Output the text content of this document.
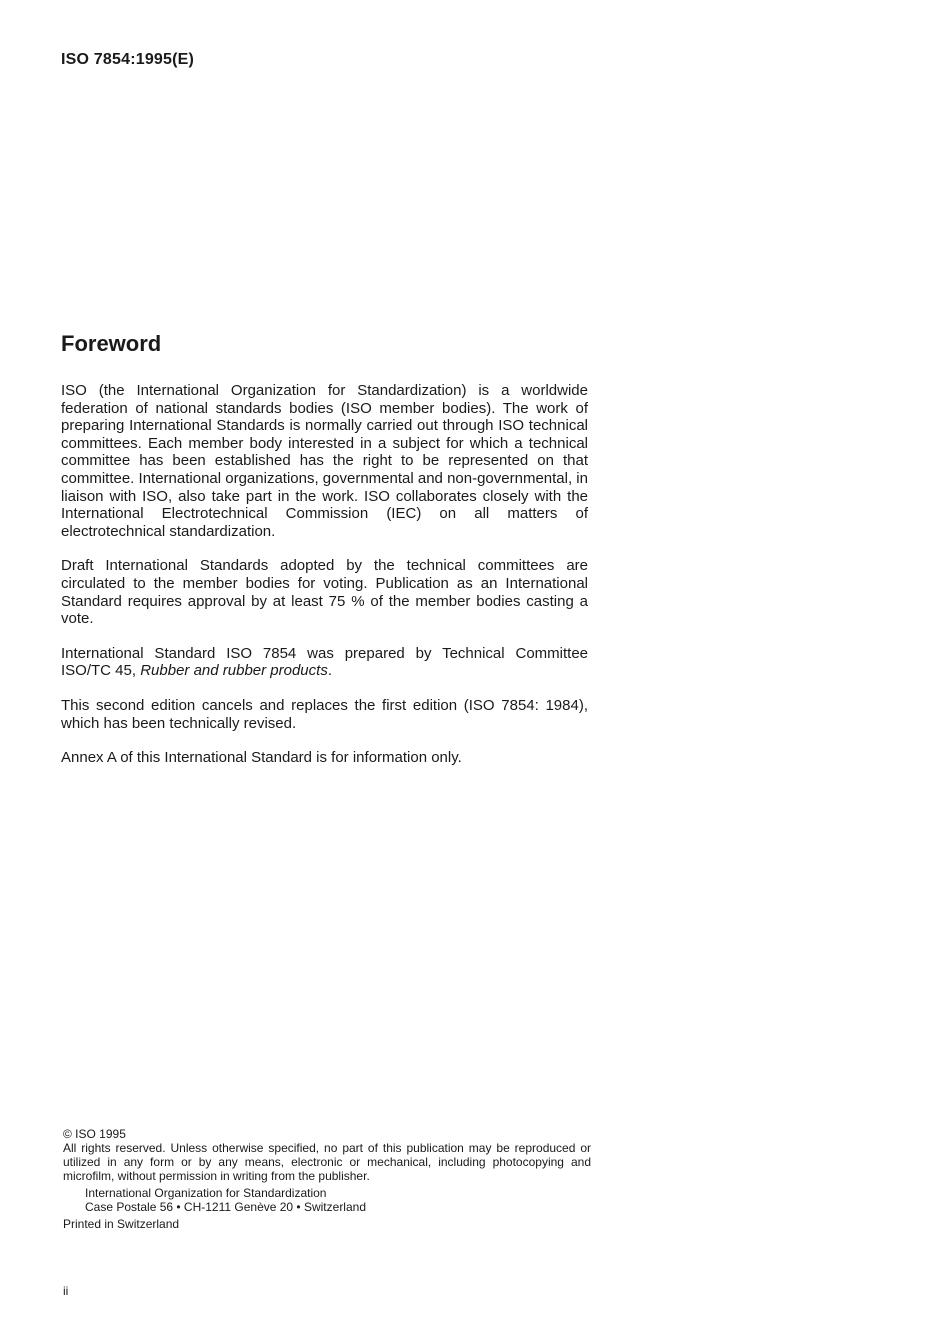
ISO 7854:1995(E)
Foreword

ISO (the International Organization for Standardization) is a worldwide federation of national standards bodies (ISO member bodies). The work of preparing International Standards is normally carried out through ISO technical committees. Each member body interested in a subject for which a technical committee has been established has the right to be represented on that committee. International organizations, governmental and non-governmental, in liaison with ISO, also take part in the work. ISO collaborates closely with the International Electrotechnical Commission (IEC) on all matters of electrotechnical standardization.

Draft International Standards adopted by the technical committees are circulated to the member bodies for voting. Publication as an International Standard requires approval by at least 75 % of the member bodies casting a vote.

International Standard ISO 7854 was prepared by Technical Committee ISO/TC 45, Rubber and rubber products.

This second edition cancels and replaces the first edition (ISO 7854: 1984), which has been technically revised.

Annex A of this International Standard is for information only.

© ISO 1995
All rights reserved. Unless otherwise specified, no part of this publication may be reproduced or utilized in any form or by any means, electronic or mechanical, including photocopying and microfilm, without permission in writing from the publisher.
International Organization for Standardization
Case Postale 56 • CH-1211 Genève 20 • Switzerland
Printed in Switzerland
ii
